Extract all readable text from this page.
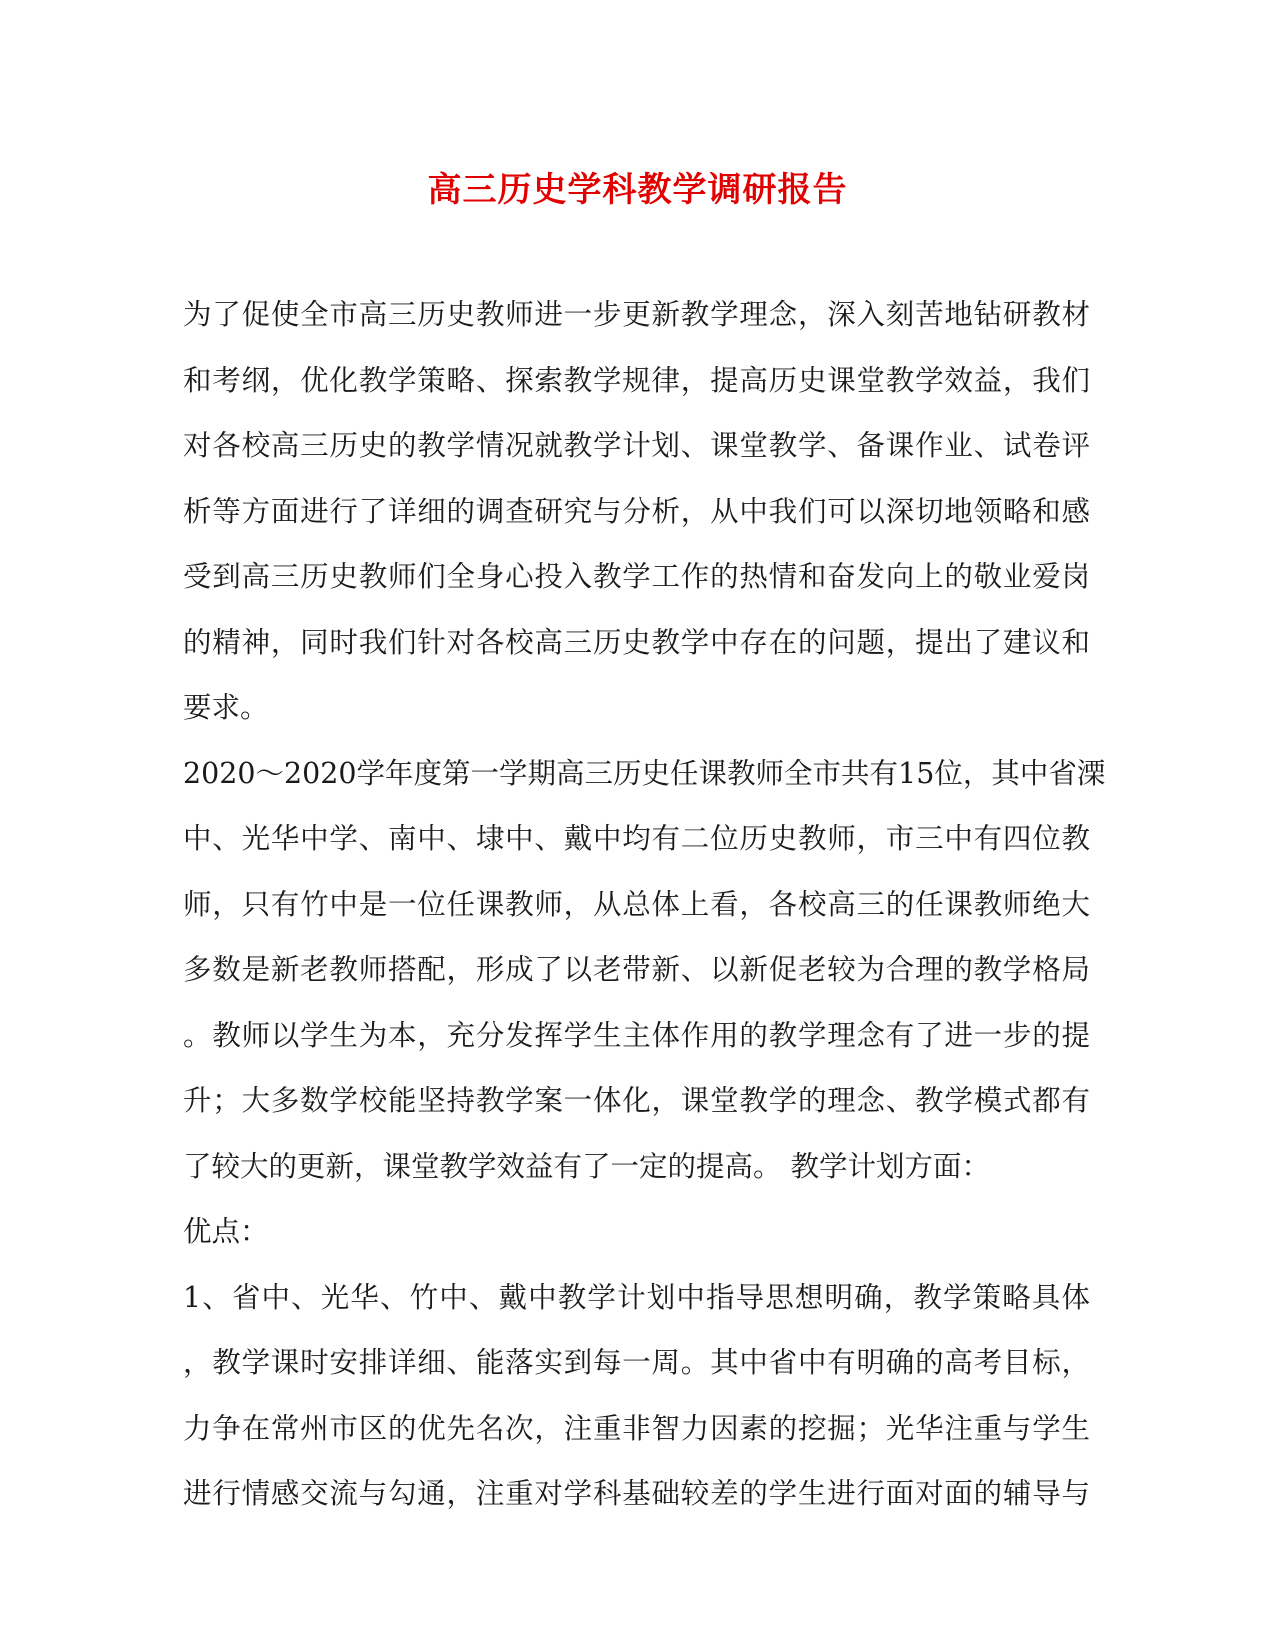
高三历史学科教学调研报告
为了促使全市高三历史教师进一步更新教学理念，深入刻苦地钻研教材
和考纲，优化教学策略、探索教学规律，提高历史课堂教学效益，我们
对各校高三历史的教学情况就教学计划、课堂教学、备课作业、试卷评
析等方面进行了详细的调查研究与分析，从中我们可以深切地领略和感
受到高三历史教师们全身心投入教学工作的热情和奋发向上的敬业爱岗
的精神，同时我们针对各校高三历史教学中存在的问题，提出了建议和
要求。
2020～2020学年度第一学期高三历史任课教师全市共有15位，其中省溧
中、光华中学、南中、埭中、戴中均有二位历史教师，市三中有四位教
师，只有竹中是一位任课教师，从总体上看，各校高三的任课教师绝大
多数是新老教师搭配，形成了以老带新、以新促老较为合理的教学格局
。教师以学生为本，充分发挥学生主体作用的教学理念有了进一步的提
升；大多数学校能坚持教学案一体化，课堂教学的理念、教学模式都有
了较大的更新，课堂教学效益有了一定的提高。 教学计划方面：
优点：
1、省中、光华、竹中、戴中教学计划中指导思想明确，教学策略具体
，教学课时安排详细、能落实到每一周。其中省中有明确的高考目标，
力争在常州市区的优先名次，注重非智力因素的挖掘；光华注重与学生
进行情感交流与勾通，注重对学科基础较差的学生进行面对面的辅导与
